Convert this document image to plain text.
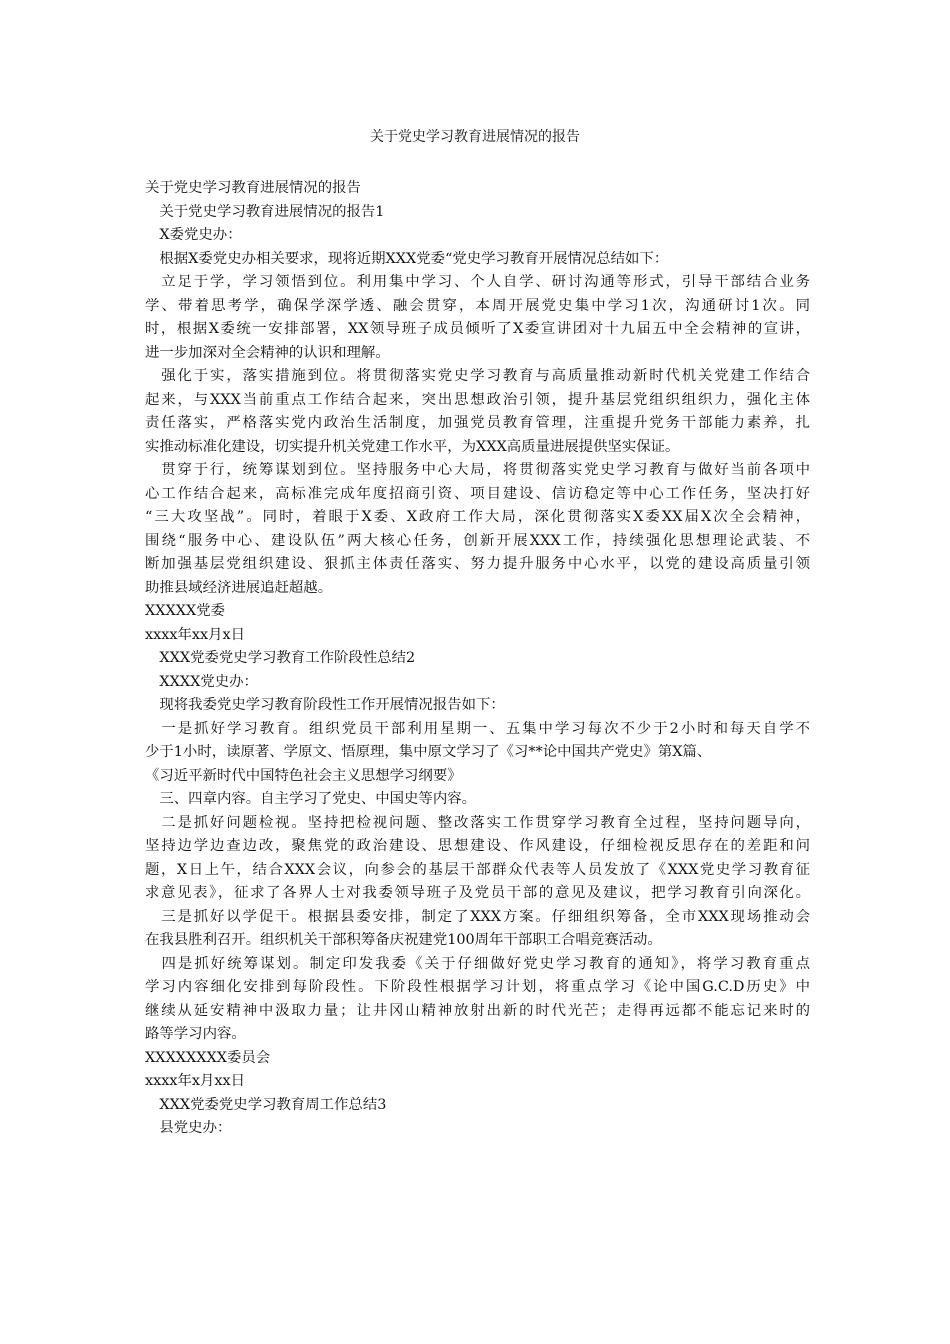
关于党史学习教育进展情况的报告
关于党史学习教育进展情况的报告
　关于党史学习教育进展情况的报告1
　X委党史办：
　根据X委党史办相关要求，现将近期XXX党委“党史学习教育开展情况总结如下：
　立足于学，学习领悟到位。利用集中学习、个人自学、研讨沟通等形式，引导干部结合业务
学、带着思考学，确保学深学透、融会贯穿，本周开展党史集中学习1次，沟通研讨1次。同
时，根据X委统一安排部署，XX领导班子成员倾听了X委宣讲团对十九届五中全会精神的宣讲，
进一步加深对全会精神的认识和理解。
　强化于实，落实措施到位。将贯彻落实党史学习教育与高质量推动新时代机关党建工作结合
起来，与XXX当前重点工作结合起来，突出思想政治引领，提升基层党组织组织力，强化主体
责任落实，严格落实党内政治生活制度，加强党员教育管理，注重提升党务干部能力素养，扎
实推动标准化建设，切实提升机关党建工作水平，为XXX高质量进展提供坚实保证。
　贯穿于行，统筹谋划到位。坚持服务中心大局，将贯彻落实党史学习教育与做好当前各项中
心工作结合起来，高标准完成年度招商引资、项目建设、信访稳定等中心工作任务，坚决打好
“三大攻坚战”。同时，着眼于X委、X政府工作大局，深化贯彻落实X委XX届X次全会精神，
围绕“服务中心、建设队伍”两大核心任务，创新开展XXX工作，持续强化思想理论武装、不
断加强基层党组织建设、狠抓主体责任落实、努力提升服务中心水平，以党的建设高质量引领
助推县域经济进展追赶超越。
XXXXX党委
xxxx年xx月x日
　XXX党委党史学习教育工作阶段性总结2
　XXXX党史办：
　现将我委党史学习教育阶段性工作开展情况报告如下：
　一是抓好学习教育。组织党员干部利用星期一、五集中学习每次不少于2小时和每天自学不
少于1小时，读原著、学原文、悟原理，集中原文学习了《习**论中国共产党史》第X篇、
《习近平新时代中国特色社会主义思想学习纲要》
　三、四章内容。自主学习了党史、中国史等内容。
　二是抓好问题检视。坚持把检视问题、整改落实工作贯穿学习教育全过程，坚持问题导向，
坚持边学边查边改，聚焦党的政治建设、思想建设、作风建设，仔细检视反思存在的差距和问
题，X日上午，结合XXX会议，向参会的基层干部群众代表等人员发放了《XXX党史学习教育征
求意见表》，征求了各界人士对我委领导班子及党员干部的意见及建议，把学习教育引向深化。
　三是抓好以学促干。根据县委安排，制定了XXX方案。仔细组织筹备，全市XXX现场推动会
在我县胜利召开。组织机关干部积筹备庆祝建党100周年干部职工合唱竞赛活动。
　四是抓好统筹谋划。制定印发我委《关于仔细做好党史学习教育的通知》，将学习教育重点
学习内容细化安排到每阶段性。下阶段性根据学习计划，将重点学习《论中国G.C.D历史》中
继续从延安精神中汲取力量；让井冈山精神放射出新的时代光芒；走得再远都不能忘记来时的
路等学习内容。
XXXXXXXX委员会
xxxx年x月xx日
　XXX党委党史学习教育周工作总结3
　县党史办：
